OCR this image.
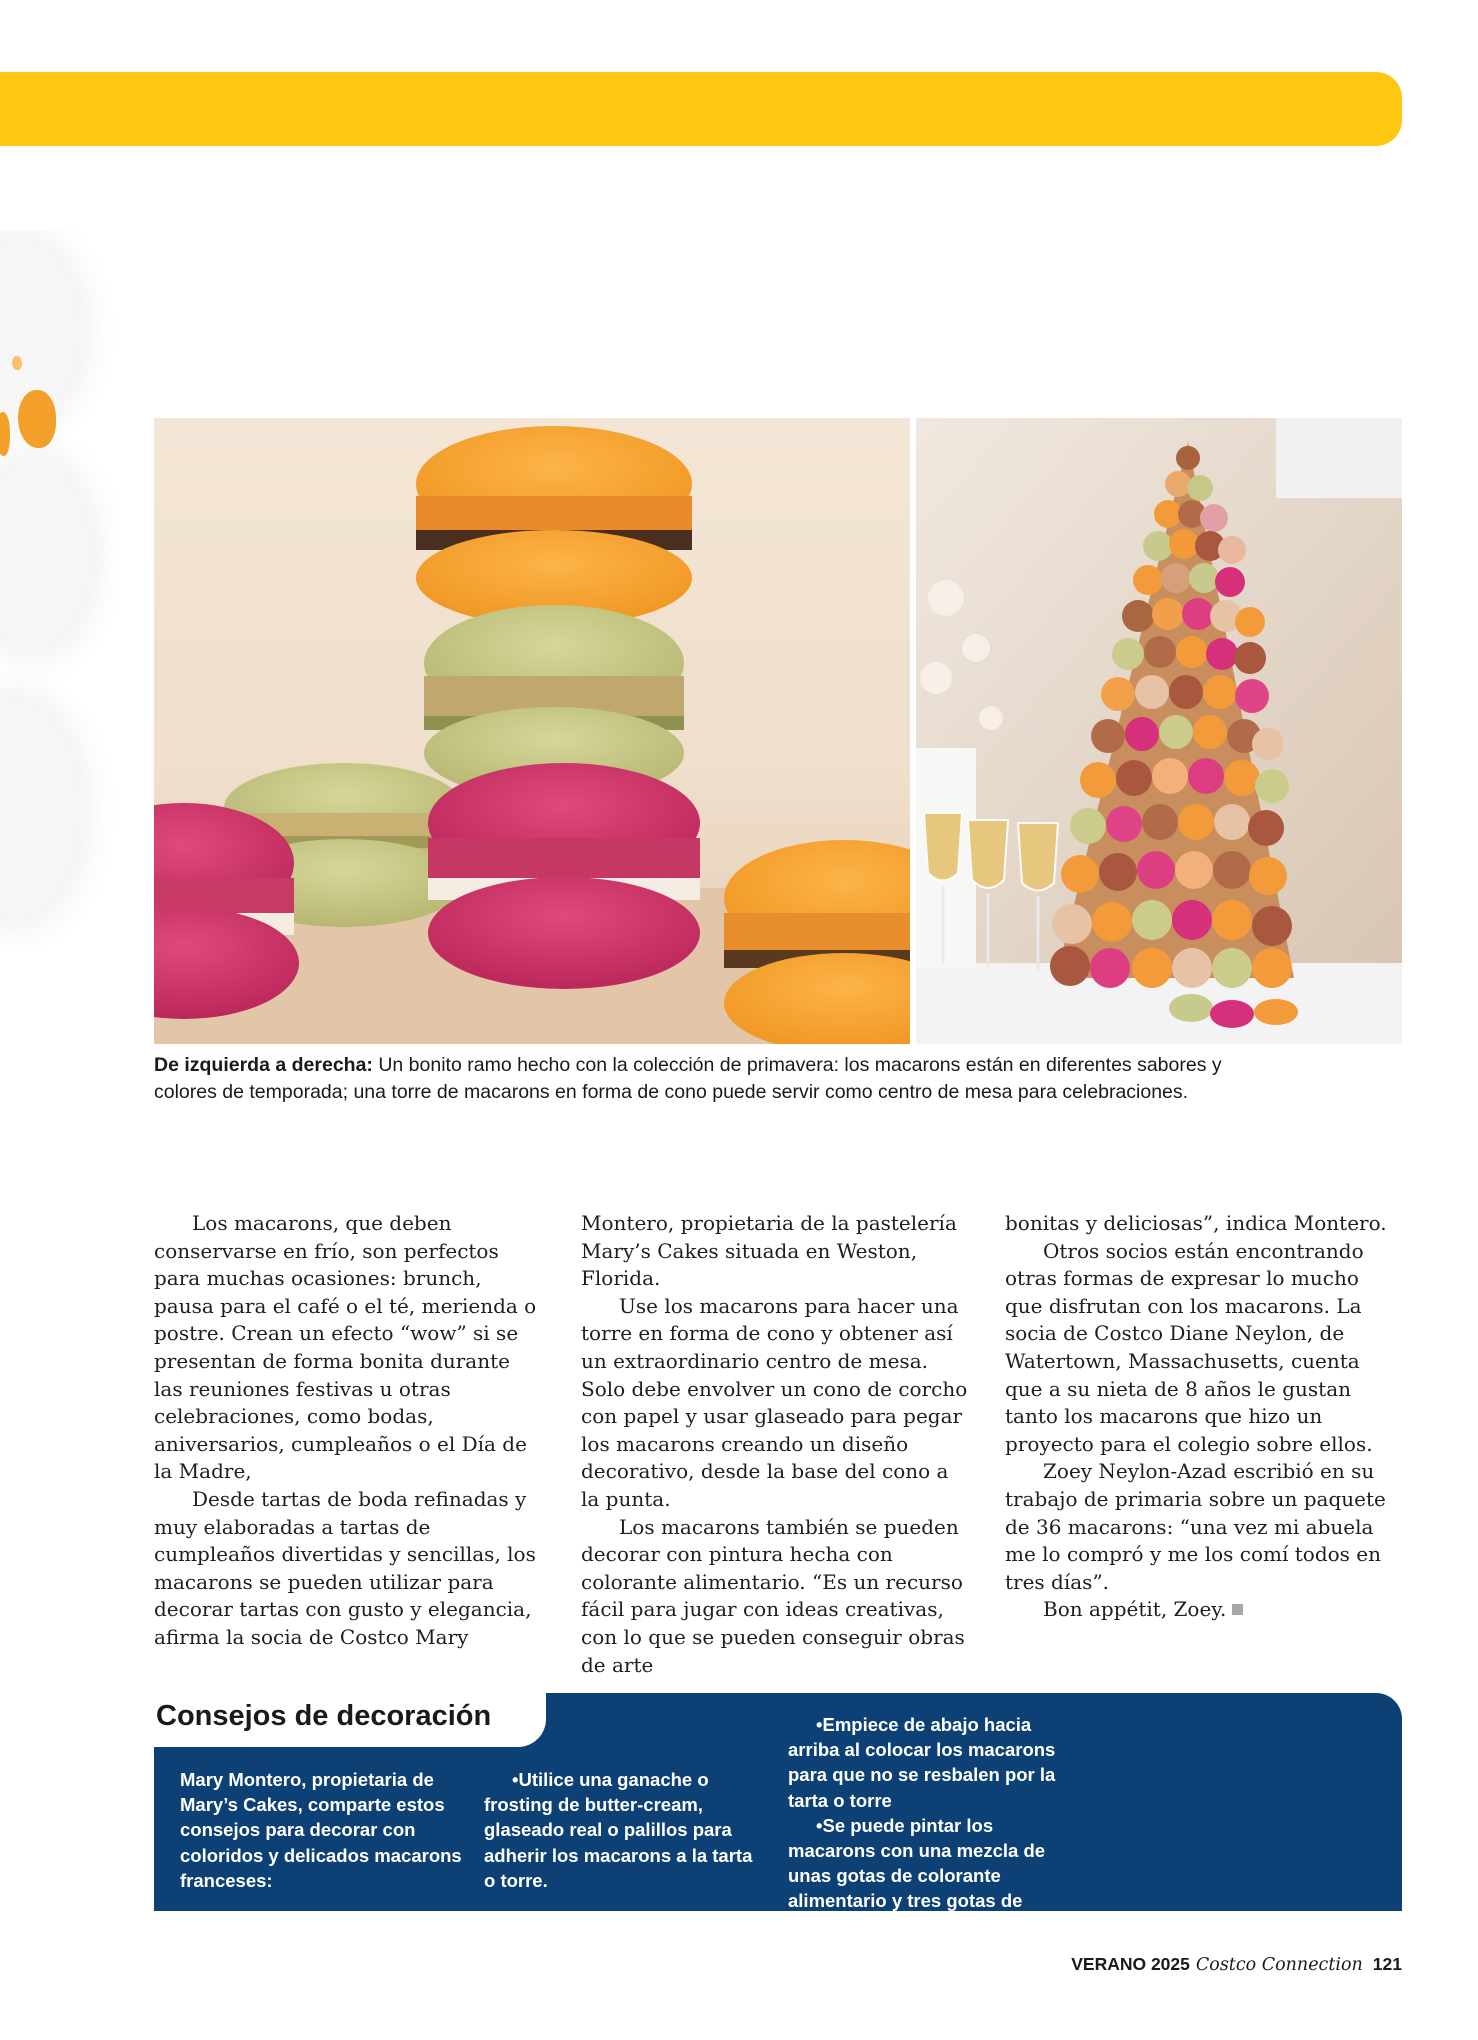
De izquierda a derecha: Un bonito ramo hecho con la colección de primavera: los macarons están en diferentes sabores y
colores de temporada; una torre de macarons en forma de cono puede servir como centro de mesa para celebraciones.

Los macarons, que deben conservarse en frío, son perfectos para muchas ocasiones: brunch, pausa para el café o el té, merienda o postre. Crean un efecto “wow” si se presentan de forma bonita durante las reuniones festivas u otras celebraciones, como bodas, aniversarios, cumpleaños o el Día de la Madre,

Desde tartas de boda refinadas y muy elaboradas a tartas de cumpleaños divertidas y sencillas, los macarons se pueden utilizar para decorar tartas con gusto y elegancia, afirma la socia de Costco Mary

Montero, propietaria de la pastelería Mary’s Cakes situada en Weston, Florida.

Use los macarons para hacer una torre en forma de cono y obtener así un extraordinario centro de mesa. Solo debe envolver un cono de corcho con papel y usar glaseado para pegar los macarons creando un diseño decorativo, desde la base del cono a la punta.

Los macarons también se pueden decorar con pintura hecha con colorante alimentario. “Es un recurso fácil para jugar con ideas creativas, con lo que se pueden conseguir obras de arte

bonitas y deliciosas”, indica Montero.

Otros socios están encontrando otras formas de expresar lo mucho que disfrutan con los macarons. La socia de Costco Diane Neylon, de Watertown, Massachusetts, cuenta que a su nieta de 8 años le gustan tanto los macarons que hizo un proyecto para el colegio sobre ellos.

Zoey Neylon-Azad escribió en su trabajo de primaria sobre un paquete de 36 macarons: “una vez mi abuela me lo compró y me los comí todos en tres días”.

Bon appétit, Zoey.

Consejos de decoración

Mary Montero, propietaria de Mary’s Cakes, comparte estos consejos para decorar con coloridos y delicados macarons franceses:

•Utilice una ganache o frosting de butter-cream, glaseado real o palillos para adherir los macarons a la tarta o torre.

•Empiece de abajo hacia arriba al colocar los macarons para que no se resbalen por la tarta o torre

•Se puede pintar los macarons con una mezcla de unas gotas de colorante alimentario y tres gotas de extracto de limón. La “pintura” plateada o dorada aportará un toque extra de elegancia a estas maravillosas galletas.—CG

VERANO 2025 Costco Connection 121
